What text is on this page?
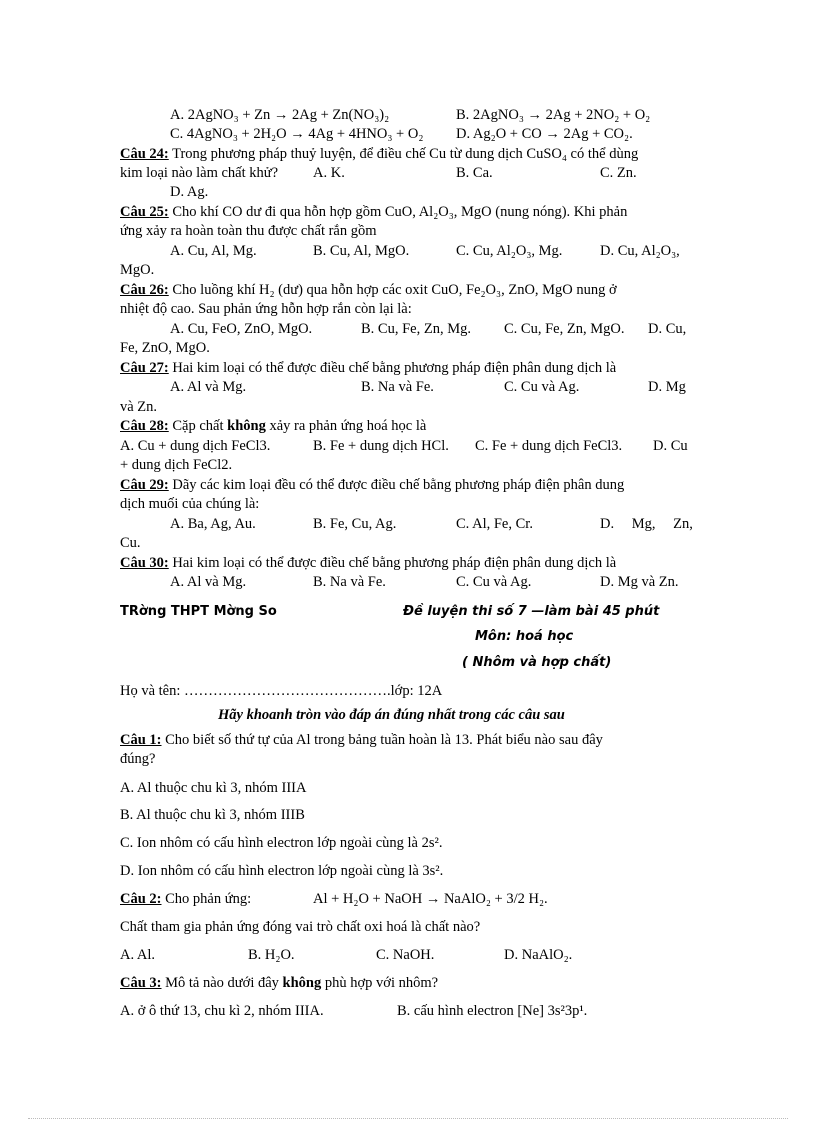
A. 2AgNO₃ + Zn → 2Ag + Zn(NO₃)₂	B. 2AgNO₃ → 2Ag + 2NO₂ + O₂
C. 4AgNO₃ + 2H₂O → 4Ag + 4HNO₃ + O₂ D. Ag₂O + CO → 2Ag + CO₂.
Câu 24: Trong phương pháp thuỷ luyện, để điều chế Cu từ dung dịch CuSO₄ có thể dùng
kim loại nào làm chất khử? A. K.	B. Ca.	C. Zn.
D. Ag.
Câu 25: Cho khí CO dư đi qua hỗn hợp gồm CuO, Al₂O₃, MgO (nung nóng). Khi phản
ứng xảy ra hoàn toàn thu được chất rắn gồm
A. Cu, Al, Mg.	B. Cu, Al, MgO.	C. Cu, Al₂O₃, Mg.	D. Cu, Al₂O₃,
MgO.
Câu 26: Cho luồng khí H₂ (dư) qua hỗn hợp các oxit CuO, Fe₂O₃, ZnO, MgO nung ở
nhiệt độ cao. Sau phản ứng hỗn hợp rắn còn lại là:
A. Cu, FeO, ZnO, MgO.	B. Cu, Fe, Zn, Mg. C. Cu, Fe, Zn, MgO. D. Cu,
Fe, ZnO, MgO.
Câu 27: Hai kim loại có thể được điều chế bằng phương pháp điện phân dung dịch là
A. Al và Mg.	B. Na và Fe.	C. Cu và Ag.	D. Mg
và Zn.
Câu 28: Cặp chất không xảy ra phản ứng hoá học là
A. Cu + dung dịch FeCl3.	B. Fe + dung dịch HCl. C. Fe + dung dịch FeCl3. D. Cu
+ dung dịch FeCl2.
Câu 29: Dãy các kim loại đều có thể được điều chế bằng phương pháp điện phân dung
dịch muối của chúng là:
A. Ba, Ag, Au.	B. Fe, Cu, Ag.	C. Al, Fe, Cr.	D. Mg, Zn,
Cu.
Câu 30: Hai kim loại có thể được điều chế bằng phương pháp điện phân dung dịch là
A. Al và Mg.	B. Na và Fe.	C. Cu và Ag.	D. Mg và Zn.
TRờng THPT Mờng So	Đề luyện thi số 7 —làm bài 45 phút
Môn: hoá học
( Nhôm và hợp chất)
Họ và tên: …………………………………….lớp: 12A
Hãy khoanh tròn vào đáp án đúng nhất trong các câu sau
Câu 1: Cho biết số thứ tự của Al trong bảng tuần hoàn là 13. Phát biểu nào sau đây
đúng?
A. Al thuộc chu kì 3, nhóm IIIA
B. Al thuộc chu kì 3, nhóm IIIB
C. Ion nhôm có cấu hình electron lớp ngoài cùng là 2s².
D. Ion nhôm có cấu hình electron lớp ngoài cùng là 3s².
Câu 2: Cho phản ứng:	Al + H₂O + NaOH → NaAlO₂ + 3/2 H₂.
Chất tham gia phản ứng đóng vai trò chất oxi hoá là chất nào?
A. Al.	B. H₂O.	C. NaOH.	D. NaAlO₂.
Câu 3: Mô tả nào dưới đây không phù hợp với nhôm?
A. ở ô thứ 13, chu kì 2, nhóm IIIA.	B. cấu hình electron [Ne] 3s²3p¹.
